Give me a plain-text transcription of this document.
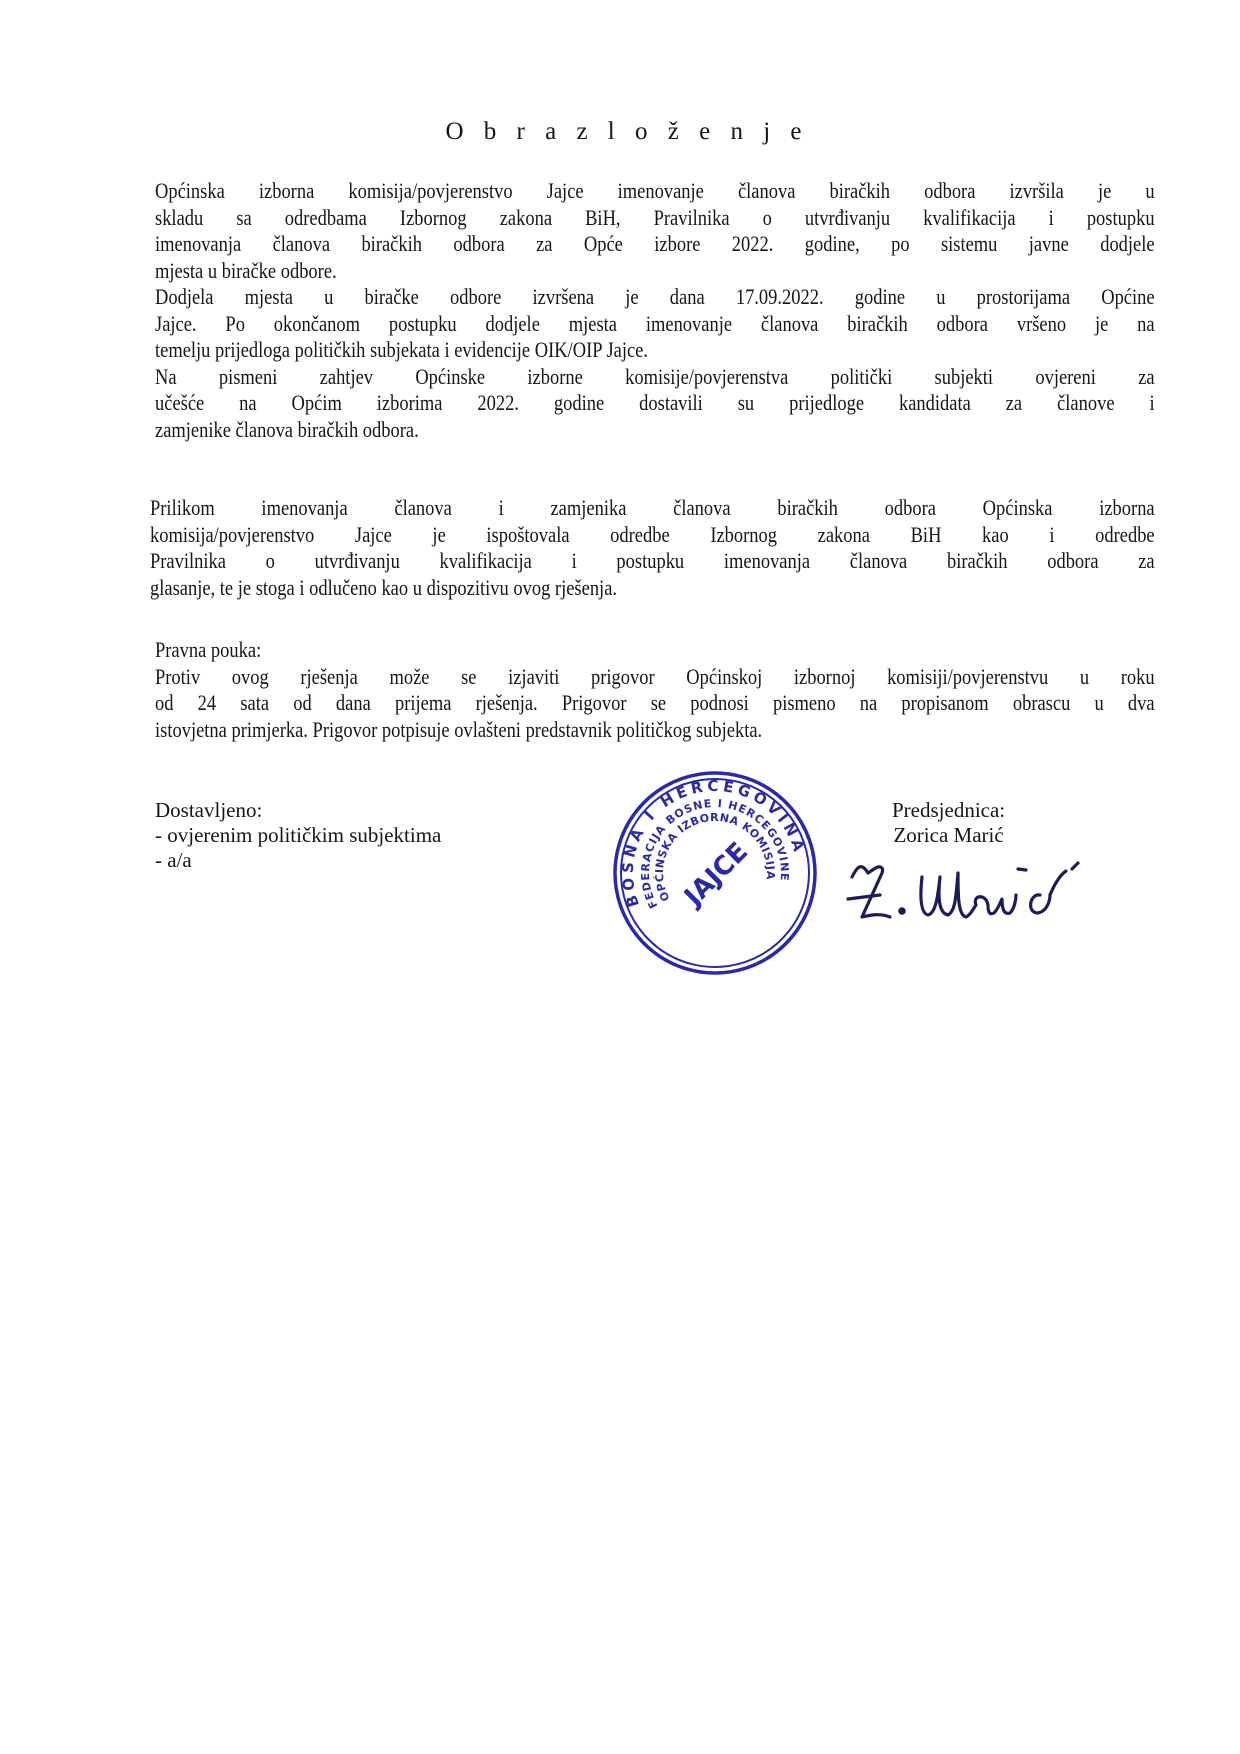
O b r a z l o ž e n j e
Općinska izborna komisija/povjerenstvo Jajce imenovanje članova biračkih odbora izvršila je u
skladu sa odredbama Izbornog zakona BiH, Pravilnika o utvrđivanju kvalifikacija i postupku
imenovanja članova biračkih odbora za Opće izbore 2022. godine, po sistemu javne dodjele
mjesta u biračke odbore.
Dodjela mjesta u biračke odbore izvršena je dana 17.09.2022. godine u prostorijama Općine
Jajce. Po okončanom postupku dodjele mjesta imenovanje članova biračkih odbora vršeno je na
temelju prijedloga političkih subjekata i evidencije OIK/OIP Jajce.
Na pismeni zahtjev Općinske izborne komisije/povjerenstva politički subjekti ovjereni za
učešće na Općim izborima 2022. godine dostavili su prijedloge kandidata za članove i
zamjenike članova biračkih odbora.
Prilikom imenovanja članova i zamjenika članova biračkih odbora Općinska izborna
komisija/povjerenstvo Jajce je ispoštovala odredbe Izbornog zakona BiH kao i odredbe
Pravilnika o utvrđivanju kvalifikacija i postupku imenovanja članova biračkih odbora za
glasanje, te je stoga i odlučeno kao u dispozitivu ovog rješenja.
Pravna pouka:
Protiv ovog rješenja može se izjaviti prigovor Općinskoj izbornoj komisiji/povjerenstvu u roku
od 24 sata od dana prijema rješenja. Prigovor se podnosi pismeno na propisanom obrascu u dva
istovjetna primjerka. Prigovor potpisuje ovlašteni predstavnik političkog subjekta.
Dostavljeno:
- ovjerenim političkim subjektima
- a/a
Predsjednica:
Zorica Marić
BOSNA I HERCEGOVINA
FEDERACIJA BOSNE I HERCEGOVINE
OPĆINSKA IZBORNA KOMISIJA
JAJCE
